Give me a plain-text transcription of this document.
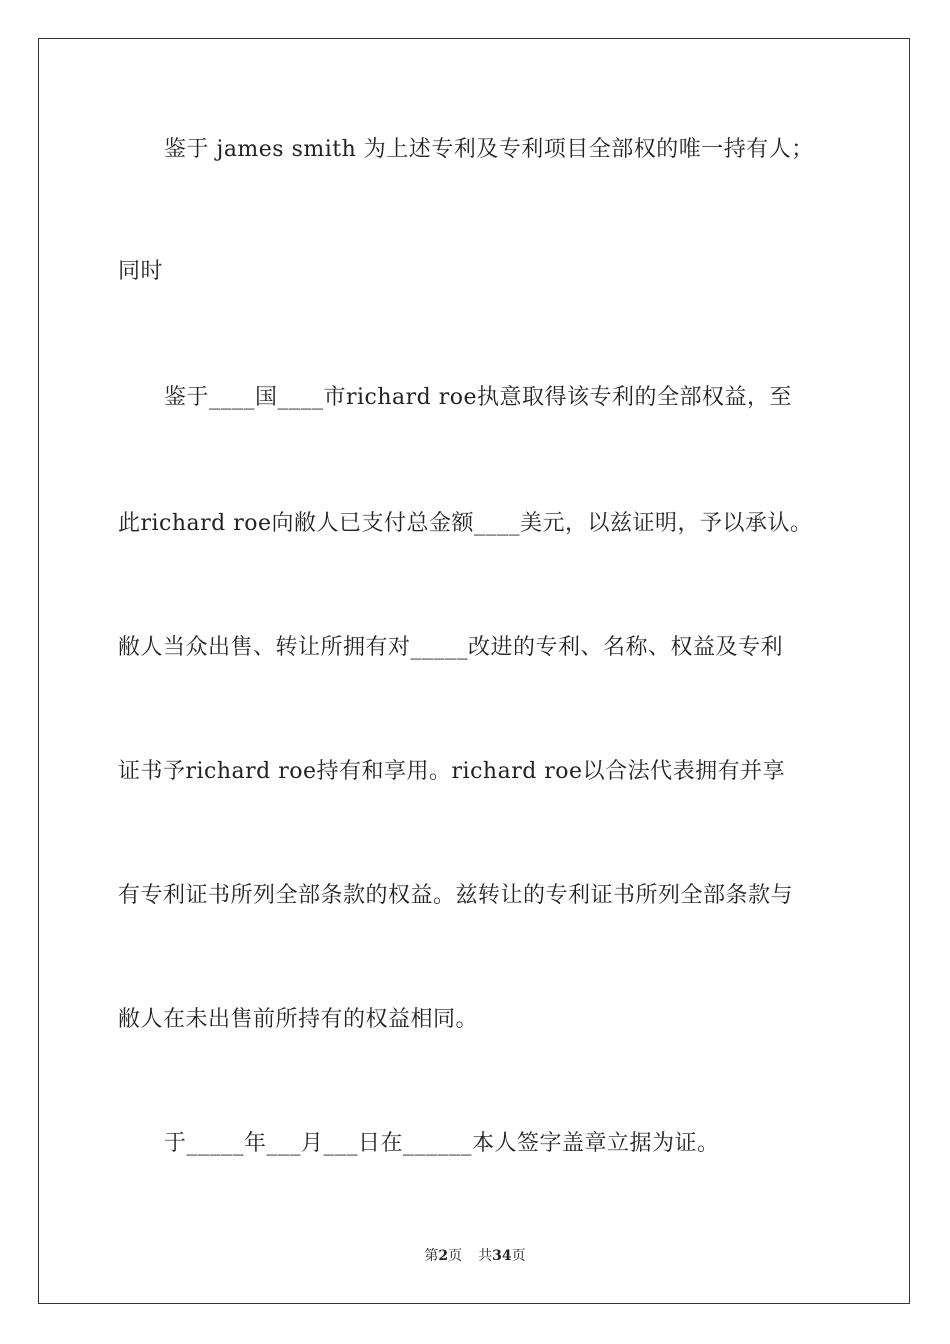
鉴于 james smith 为上述专利及专利项目全部权的唯一持有人；
同时
鉴于____国____市richard roe执意取得该专利的全部权益，至
此richard roe向敝人已支付总金额____美元，以兹证明，予以承认。
敝人当众出售、转让所拥有对_____改进的专利、名称、权益及专利
证书予richard roe持有和享用。richard roe以合法代表拥有并享
有专利证书所列全部条款的权益。兹转让的专利证书所列全部条款与
敝人在未出售前所持有的权益相同。
于_____年___月___日在______本人签字盖章立据为证。
第2页 共34页
